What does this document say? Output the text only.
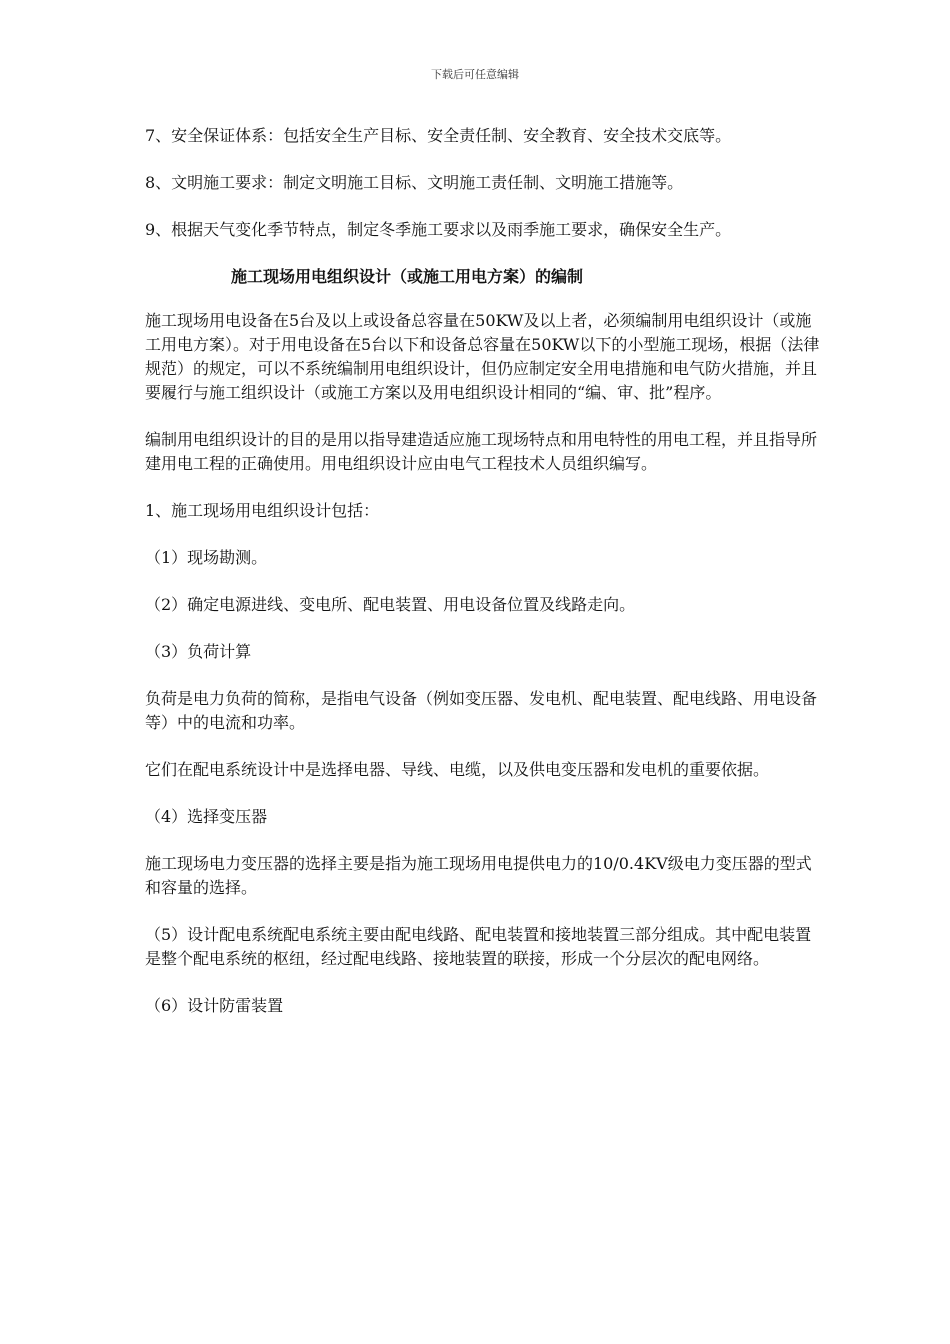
下载后可任意编辑

7、安全保证体系：包括安全生产目标、安全责任制、安全教育、安全技术交底等。

8、文明施工要求：制定文明施工目标、文明施工责任制、文明施工措施等。

9、根据天气变化季节特点，制定冬季施工要求以及雨季施工要求，确保安全生产。

施工现场用电组织设计（或施工用电方案）的编制

施工现场用电设备在5台及以上或设备总容量在50KW及以上者，必须编制用电组织设计（或施工用电方案）。对于用电设备在5台以下和设备总容量在50KW以下的小型施工现场，根据（法律规范）的规定，可以不系统编制用电组织设计，但仍应制定安全用电措施和电气防火措施，并且要履行与施工组织设计（或施工方案以及用电组织设计相同的“编、审、批”程序。

编制用电组织设计的目的是用以指导建造适应施工现场特点和用电特性的用电工程，并且指导所建用电工程的正确使用。用电组织设计应由电气工程技术人员组织编写。

1、施工现场用电组织设计包括：

（1）现场勘测。

（2）确定电源进线、变电所、配电装置、用电设备位置及线路走向。

（3）负荷计算

负荷是电力负荷的简称，是指电气设备（例如变压器、发电机、配电装置、配电线路、用电设备等）中的电流和功率。

它们在配电系统设计中是选择电器、导线、电缆，以及供电变压器和发电机的重要依据。

（4）选择变压器

施工现场电力变压器的选择主要是指为施工现场用电提供电力的10/0.4KV级电力变压器的型式和容量的选择。

（5）设计配电系统配电系统主要由配电线路、配电装置和接地装置三部分组成。其中配电装置是整个配电系统的枢纽，经过配电线路、接地装置的联接，形成一个分层次的配电网络。

（6）设计防雷装置
